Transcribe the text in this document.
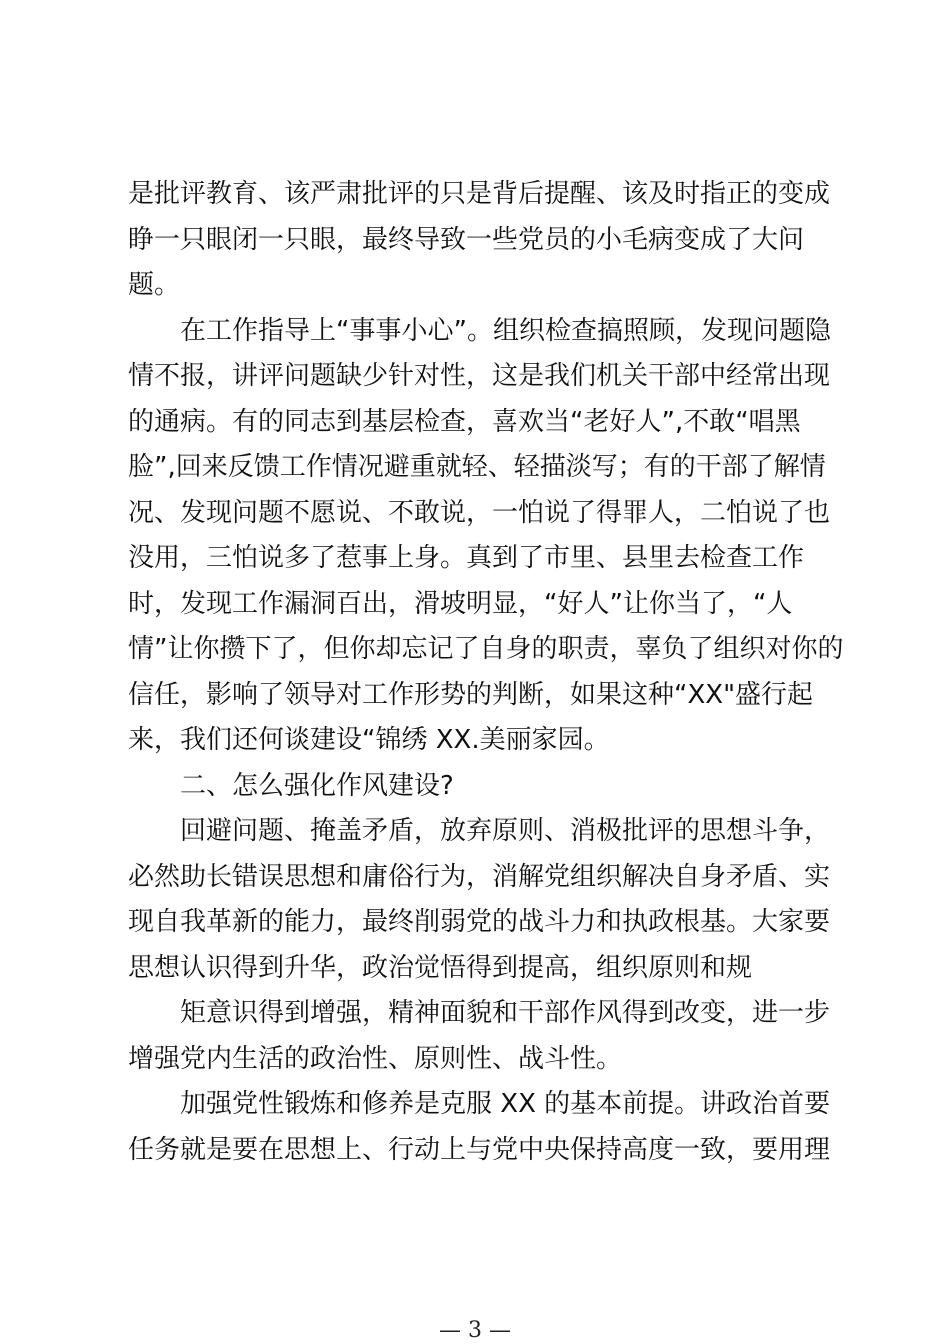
是批评教育、该严肃批评的只是背后提醒、该及时指正的变成
睁一只眼闭一只眼，最终导致一些党员的小毛病变成了大问
题。

在工作指导上“事事小心”。组织检查搞照顾，发现问题隐
情不报，讲评问题缺少针对性，这是我们机关干部中经常出现
的通病。有的同志到基层检查，喜欢当“老好人”,不敢“唱黑
脸”,回来反馈工作情况避重就轻、轻描淡写；有的干部了解情
况、发现问题不愿说、不敢说，一怕说了得罪人，二怕说了也
没用，三怕说多了惹事上身。真到了市里、县里去检查工作
时，发现工作漏洞百出，滑坡明显，“好人”让你当了，“人
情”让你攒下了，但你却忘记了自身的职责，辜负了组织对你的
信任，影响了领导对工作形势的判断，如果这种“XX"盛行起
来，我们还何谈建设“锦绣 XX.美丽家园。

二、怎么强化作风建设?

回避问题、掩盖矛盾，放弃原则、消极批评的思想斗争，
必然助长错误思想和庸俗行为，消解党组织解决自身矛盾、实
现自我革新的能力，最终削弱党的战斗力和执政根基。大家要
思想认识得到升华，政治觉悟得到提高，组织原则和规

矩意识得到增强，精神面貌和干部作风得到改变，进一步
增强党内生活的政治性、原则性、战斗性。

加强党性锻炼和修养是克服 XX 的基本前提。讲政治首要
任务就是要在思想上、行动上与党中央保持高度一致，要用理

— 3 —
